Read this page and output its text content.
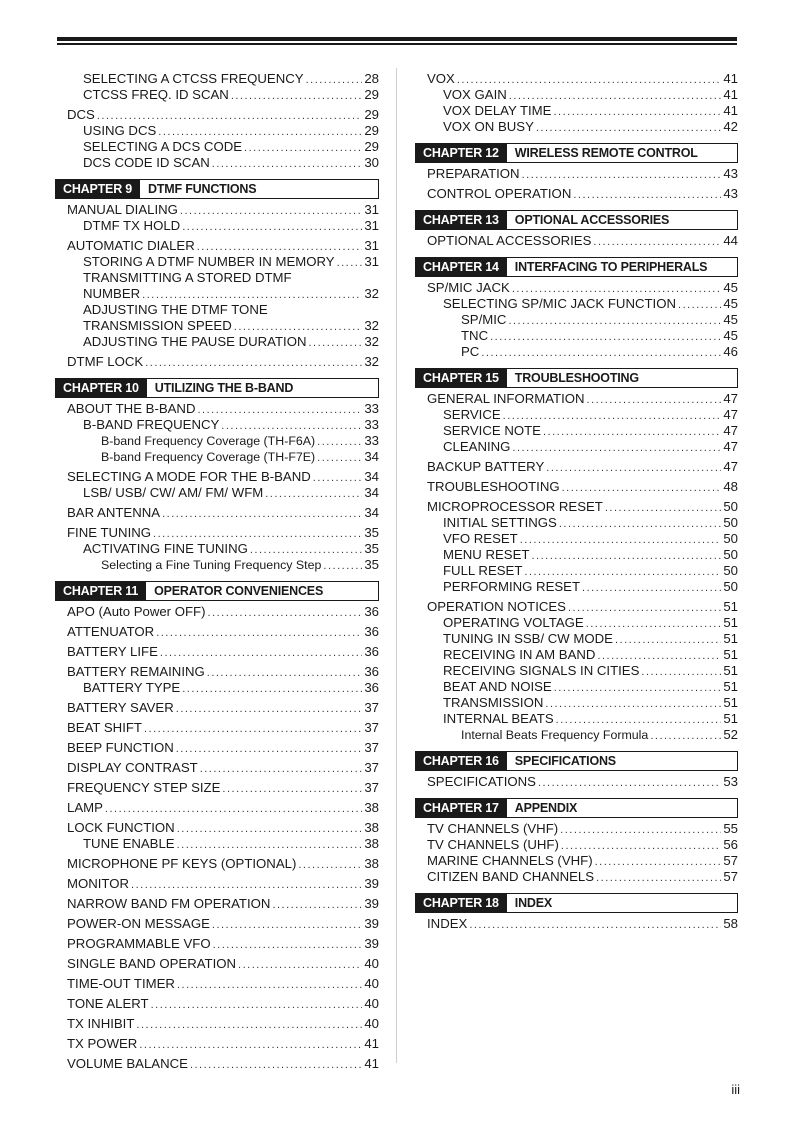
SELECTING A CTCSS FREQUENCY .....	28
CTCSS FREQ. ID SCAN .....	29
DCS .....	29
USING DCS .....	29
SELECTING A DCS CODE .....	29
DCS CODE ID SCAN .....	30
CHAPTER 9	DTMF FUNCTIONS
MANUAL DIALING .....	31
DTMF TX HOLD .....	31
AUTOMATIC DIALER .....	31
STORING A DTMF NUMBER IN MEMORY ..... 31
TRANSMITTING A STORED DTMF
NUMBER .....	32
ADJUSTING THE DTMF TONE
TRANSMISSION SPEED .....	32
ADJUSTING THE PAUSE DURATION .....	32
DTMF LOCK .....	32
CHAPTER 10	UTILIZING THE B-BAND
ABOUT THE B-BAND .....	33
B-BAND FREQUENCY .....	33
B-band Frequency Coverage (TH-F6A) .....	33
B-band Frequency Coverage (TH-F7E) .....	34
SELECTING A MODE FOR THE B-BAND .....	34
LSB/ USB/ CW/ AM/ FM/ WFM .....	34
BAR ANTENNA .....	34
FINE TUNING .....	35
ACTIVATING FINE TUNING .....	35
Selecting a Fine Tuning Frequency Step .....	35
CHAPTER 11	OPERATOR CONVENIENCES
APO (Auto Power OFF) .....	36
ATTENUATOR .....	36
BATTERY LIFE .....	36
BATTERY REMAINING .....	36
BATTERY TYPE .....	36
BATTERY SAVER .....	37
BEAT SHIFT .....	37
BEEP FUNCTION .....	37
DISPLAY CONTRAST .....	37
FREQUENCY STEP SIZE .....	37
LAMP .....	38
LOCK FUNCTION .....	38
TUNE ENABLE .....	38
MICROPHONE PF KEYS (OPTIONAL) .....	38
MONITOR .....	39
NARROW BAND FM OPERATION .....	39
POWER-ON MESSAGE .....	39
PROGRAMMABLE VFO .....	39
SINGLE BAND OPERATION .....	40
TIME-OUT TIMER .....	40
TONE ALERT .....	40
TX INHIBIT .....	40
TX POWER .....	41
VOLUME BALANCE .....	41
VOX .....	41
VOX GAIN .....	41
VOX DELAY TIME .....	41
VOX ON BUSY .....	42
CHAPTER 12	WIRELESS REMOTE CONTROL
PREPARATION .....	43
CONTROL OPERATION .....	43
CHAPTER 13	OPTIONAL ACCESSORIES
OPTIONAL ACCESSORIES .....	44
CHAPTER 14	INTERFACING TO PERIPHERALS
SP/MIC JACK .....	45
SELECTING SP/MIC JACK FUNCTION .....	45
SP/MIC .....	45
TNC .....	45
PC .....	46
CHAPTER 15	TROUBLESHOOTING
GENERAL INFORMATION .....	47
SERVICE .....	47
SERVICE NOTE .....	47
CLEANING .....	47
BACKUP BATTERY .....	47
TROUBLESHOOTING .....	48
MICROPROCESSOR RESET .....	50
INITIAL SETTINGS .....	50
VFO RESET .....	50
MENU RESET .....	50
FULL RESET .....	50
PERFORMING RESET .....	50
OPERATION NOTICES .....	51
OPERATING VOLTAGE .....	51
TUNING IN SSB/ CW MODE .....	51
RECEIVING IN AM BAND .....	51
RECEIVING SIGNALS IN CITIES .....	51
BEAT AND NOISE .....	51
TRANSMISSION .....	51
INTERNAL BEATS .....	51
Internal Beats Frequency Formula .....	52
CHAPTER 16	SPECIFICATIONS
SPECIFICATIONS .....	53
CHAPTER 17	APPENDIX
TV CHANNELS (VHF) .....	55
TV CHANNELS (UHF) .....	56
MARINE CHANNELS (VHF) .....	57
CITIZEN BAND CHANNELS .....	57
CHAPTER 18	INDEX
INDEX .....	58
iii
